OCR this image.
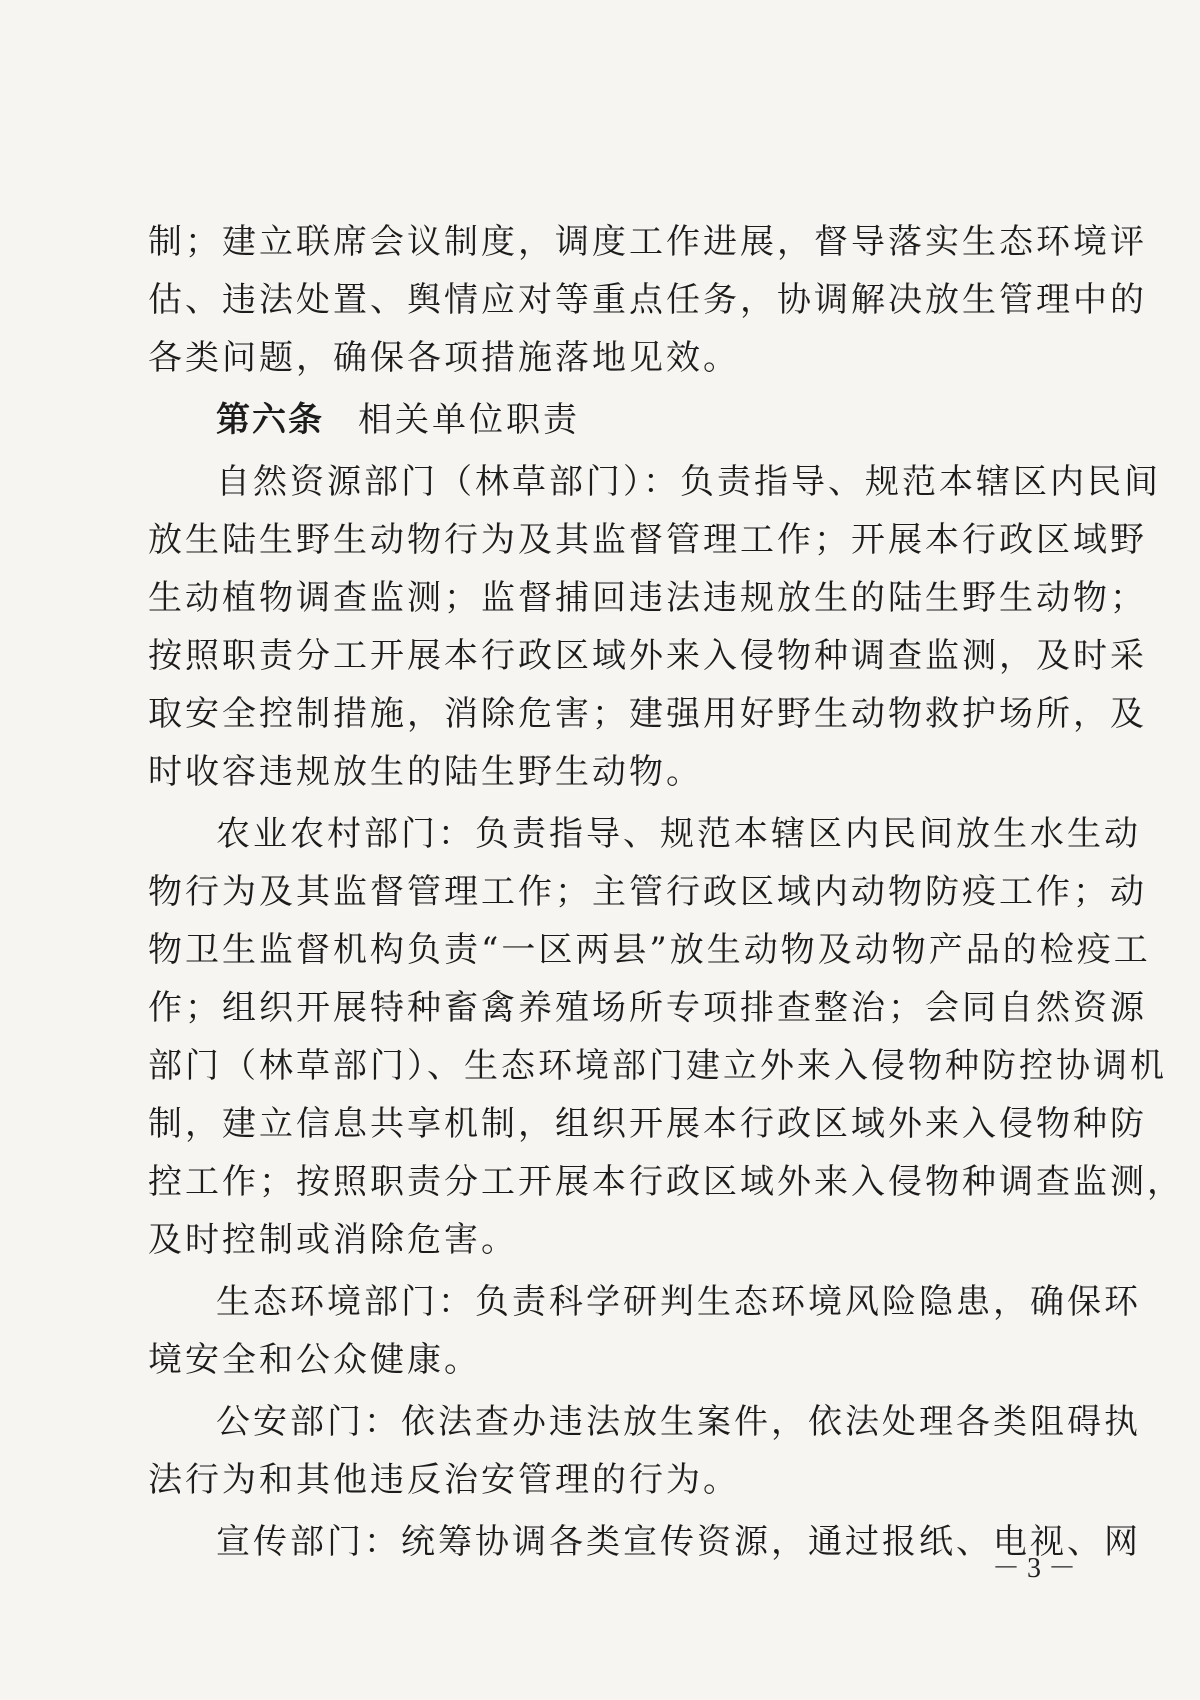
制；建立联席会议制度，调度工作进展，督导落实生态环境评
估、违法处置、舆情应对等重点任务，协调解决放生管理中的
各类问题，确保各项措施落地见效。
第六条 相关单位职责
自然资源部门（林草部门）：负责指导、规范本辖区内民间
放生陆生野生动物行为及其监督管理工作；开展本行政区域野
生动植物调查监测；监督捕回违法违规放生的陆生野生动物；
按照职责分工开展本行政区域外来入侵物种调查监测，及时采
取安全控制措施，消除危害；建强用好野生动物救护场所，及
时收容违规放生的陆生野生动物。
农业农村部门：负责指导、规范本辖区内民间放生水生动
物行为及其监督管理工作；主管行政区域内动物防疫工作；动
物卫生监督机构负责“一区两县”放生动物及动物产品的检疫工
作；组织开展特种畜禽养殖场所专项排查整治；会同自然资源
部门（林草部门）、生态环境部门建立外来入侵物种防控协调机
制，建立信息共享机制，组织开展本行政区域外来入侵物种防
控工作；按照职责分工开展本行政区域外来入侵物种调查监测，
及时控制或消除危害。
生态环境部门：负责科学研判生态环境风险隐患，确保环
境安全和公众健康。
公安部门：依法查办违法放生案件，依法处理各类阻碍执
法行为和其他违反治安管理的行为。
宣传部门：统筹协调各类宣传资源，通过报纸、电视、网
－ 3 －
